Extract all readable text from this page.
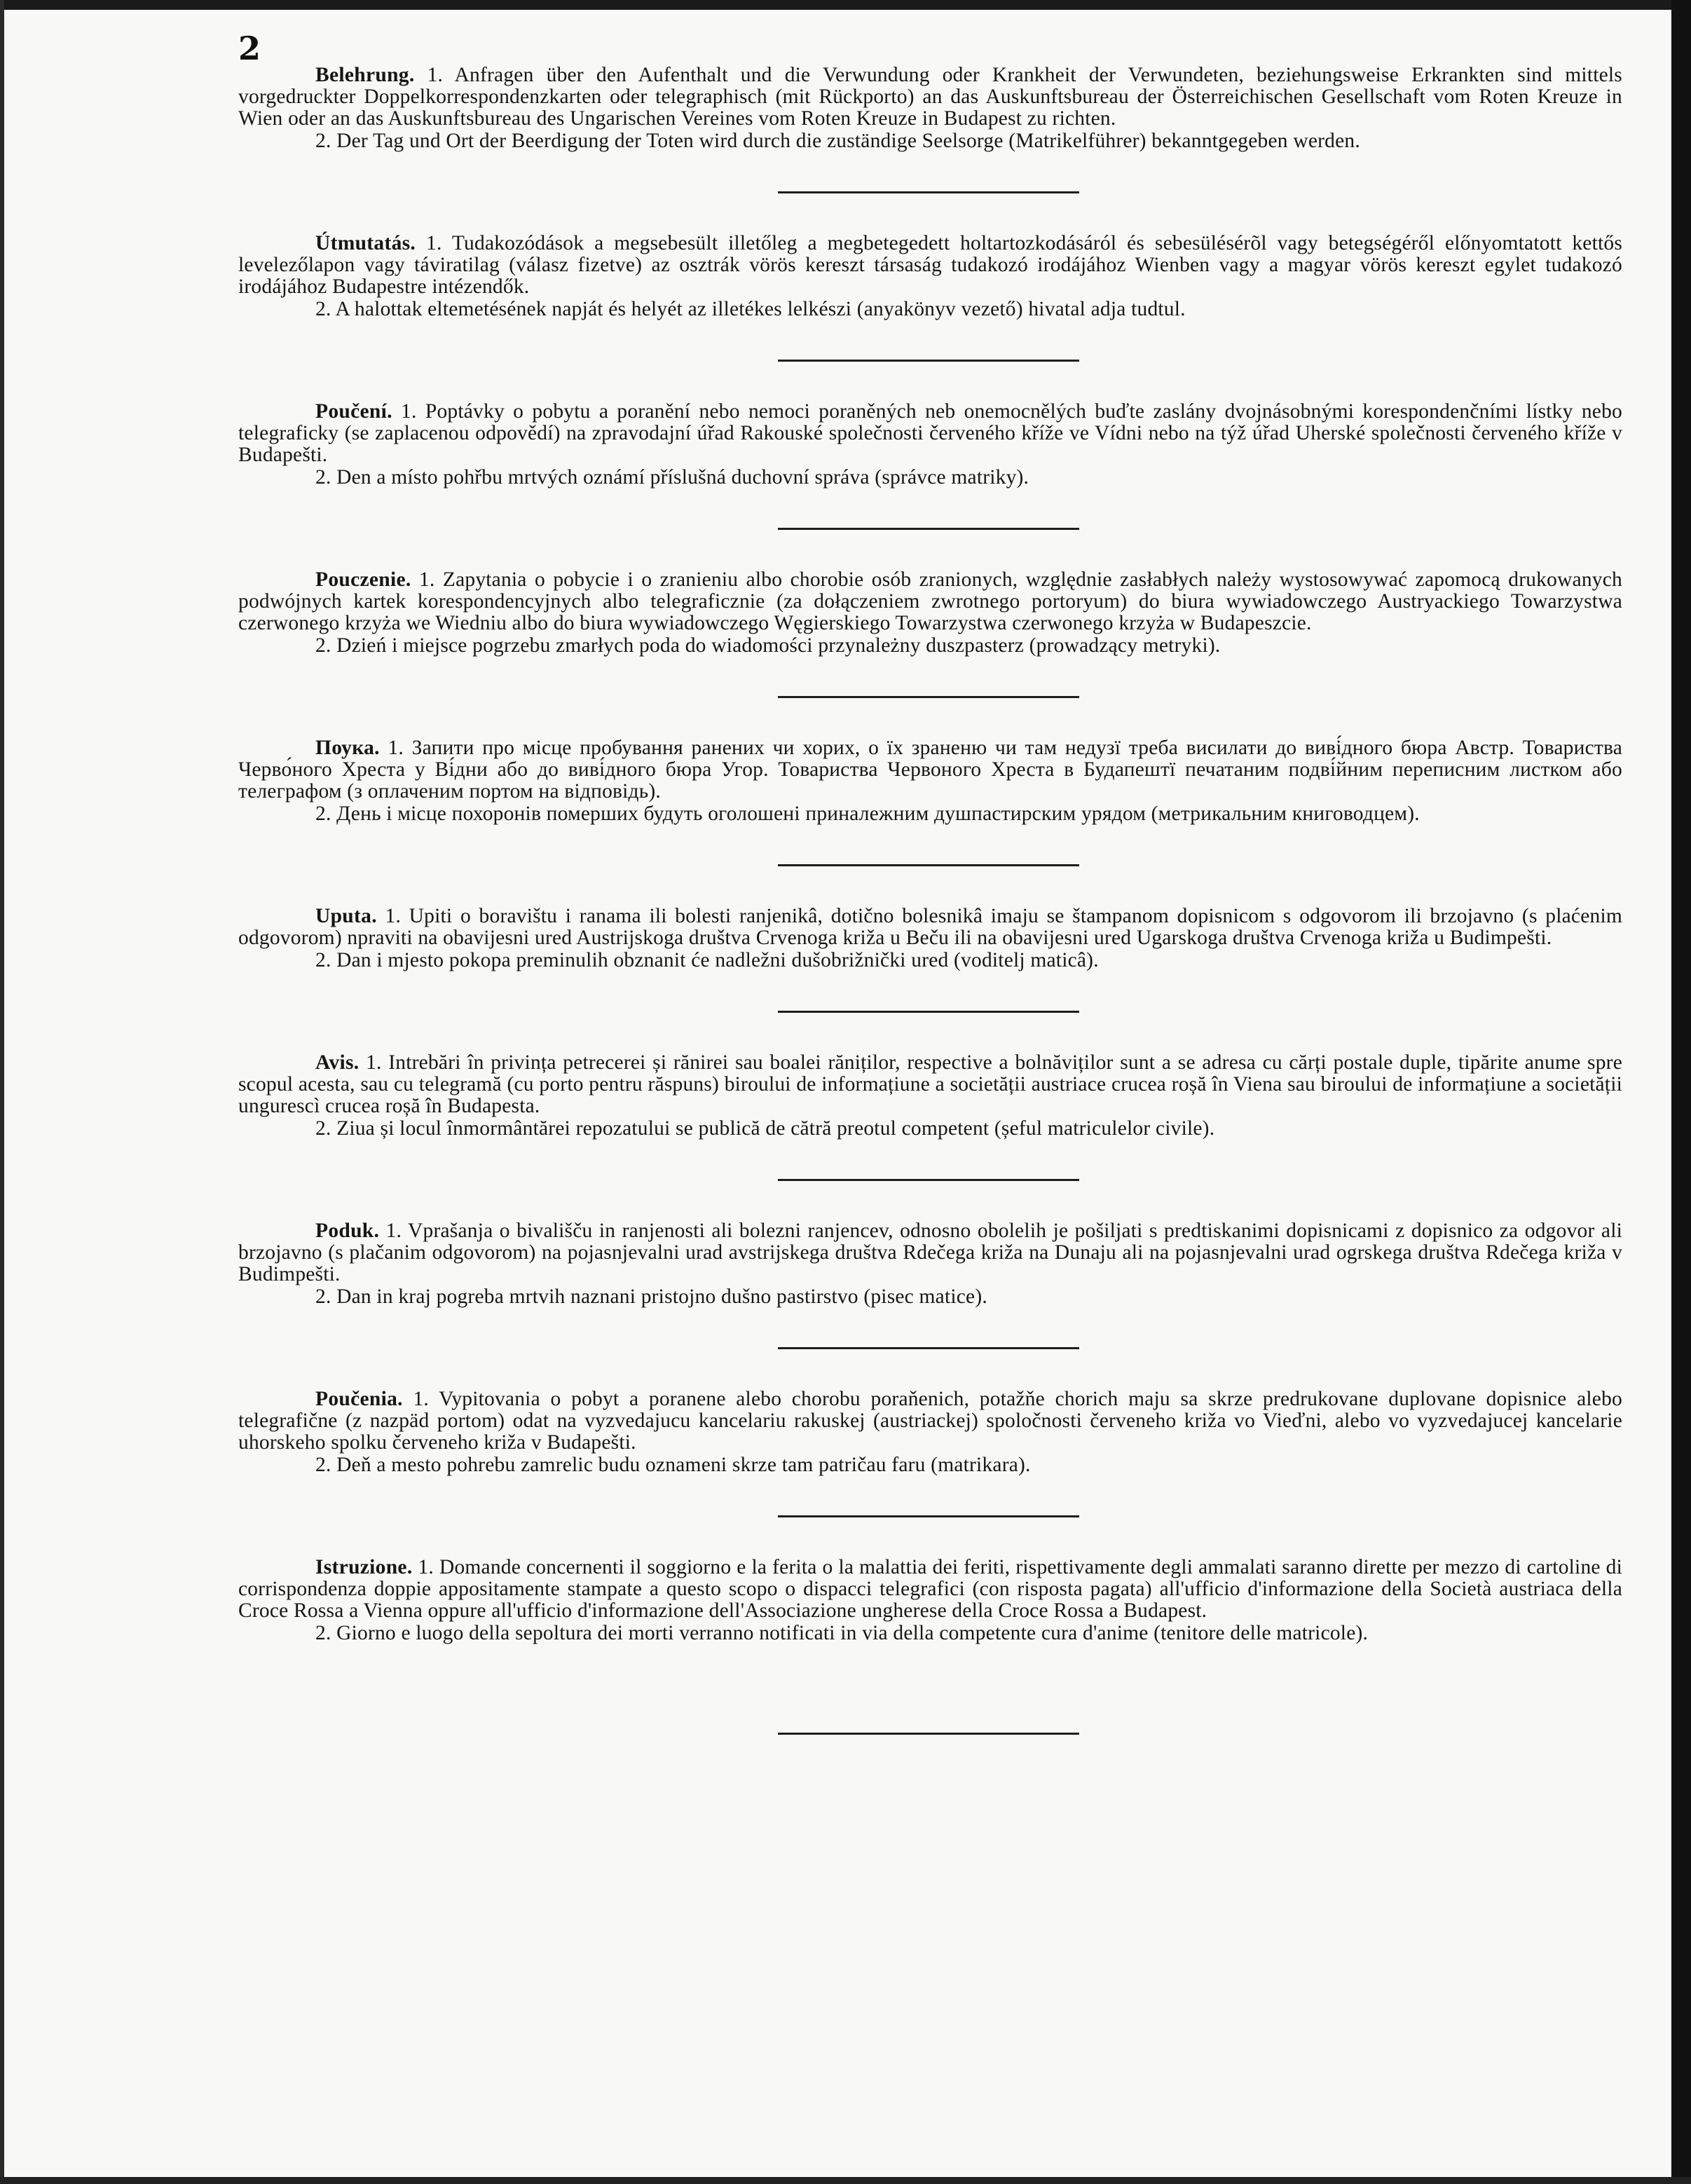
2

Belehrung. 1. Anfragen über den Aufenthalt und die Verwundung oder Krankheit der Verwundeten, beziehungsweise Erkrankten sind mittels vorgedruckter Doppelkorrespondenzkarten oder telegraphisch (mit Rückporto) an das Auskunftsbureau der Österreichischen Gesellschaft vom Roten Kreuze in Wien oder an das Auskunftsbureau des Ungarischen Vereines vom Roten Kreuze in Budapest zu richten.

2. Der Tag und Ort der Beerdigung der Toten wird durch die zuständige Seelsorge (Matrikelführer) bekanntgegeben werden.

Útmutatás. 1. Tudakozódások a megsebesült illetőleg a megbetegedett holtartozkodásáról és sebesülésérõl vagy betegségéről előnyomtatott kettős levelezőlapon vagy táviratilag (válasz fizetve) az osztrák vörös kereszt társaság tudakozó irodájához Wienben vagy a magyar vörös kereszt egylet tudakozó irodájához Budapestre intézendők.

2. A halottak eltemetésének napját és helyét az illetékes lelkészi (anyakönyv vezető) hivatal adja tudtul.

Poučení. 1. Poptávky o pobytu a poranění nebo nemoci poraněných neb onemocnělých buďte zaslány dvojnásobnými korespondenčními lístky nebo telegraficky (se zaplacenou odpovědí) na zpravodajní úřad Rakouské společnosti červeného kříže ve Vídni nebo na týž úřad Uherské společnosti červeného kříže v Budapešti.

2. Den a místo pohřbu mrtvých oznámí příslušná duchovní správa (správce matriky).

Pouczenie. 1. Zapytania o pobycie i o zranieniu albo chorobie osób zranionych, względnie zasłabłych należy wystosowywać zapomocą drukowanych podwójnych kartek korespondencyjnych albo telegraficznie (za dołączeniem zwrotnego portoryum) do biura wywiadowczego Austryackiego Towarzystwa czerwonego krzyża we Wiedniu albo do biura wywiadowczego Węgierskiego Towarzystwa czerwonego krzyża w Budapeszcie.

2. Dzień i miejsce pogrzebu zmarłych poda do wiadomości przynależny duszpasterz (prowadzący metryki).

Поука. 1. Запити про місце пробування ранених чи хорих, о їх зраненю чи там недузї треба висилати до виві́дного бюра Австр. Товариства Черво́ного Хреста у Ві́дни або до виві́дного бюра Угор. Товариства Червоного Хреста в Будапештї печатаним подві́йним переписним листком або телеграфом (з оплаченим портом на відповідь).

2. День і місце похоронів померших будуть оголошені приналежним душпастирским урядом (метрикальним книговодцем).

Uputa. 1. Upiti o boravištu i ranama ili bolesti ranjenikâ, dotično bolesnikâ imaju se štampanom dopisnicom s odgovorom ili brzojavno (s plaćenim odgovorom) npraviti na obavijesni ured Austrijskoga društva Crvenoga križa u Beču ili na obavijesni ured Ugarskoga društva Crvenoga križa u Budimpešti.

2. Dan i mjesto pokopa preminulih obznanit će nadležni dušobrižnički ured (voditelj maticâ).

Avis. 1. Intrebări în privința petrecerei și rănirei sau boalei răniților, respective a bolnăviților sunt a se adresa cu cărți postale duple, tipărite anume spre scopul acesta, sau cu telegramă (cu porto pentru răspuns) biroului de informațiune a societății austriace crucea roșă în Viena sau biroului de informațiune a societății ungurescì crucea roșă în Budapesta.

2. Ziua și locul înmormântărei repozatului se publică de cătră preotul competent (șeful matriculelor civile).

Poduk. 1. Vprašanja o bivališču in ranjenosti ali bolezni ranjencev, odnosno obolelih je pošiljati s predtiskanimi dopisnicami z dopisnico za odgovor ali brzojavno (s plačanim odgovorom) na pojasnjevalni urad avstrijskega društva Rdečega križa na Dunaju ali na pojasnjevalni urad ogrskega društva Rdečega križa v Budimpešti.

2. Dan in kraj pogreba mrtvih naznani pristojno dušno pastirstvo (pisec matice).

Poučenia. 1. Vypitovania o pobyt a poranene alebo chorobu poraňenich, potažňe chorich maju sa skrze predrukovane duplovane dopisnice alebo telegrafične (z nazpäd portom) odat na vyzvedajucu kancelariu rakuskej (austriackej) spoločnosti červeneho križa vo Vieďni, alebo vo vyzvedajucej kancelarie uhorskeho spolku červeneho križa v Budapešti.

2. Deň a mesto pohrebu zamrelic budu oznameni skrze tam patričau faru (matrikara).

Istruzione. 1. Domande concernenti il soggiorno e la ferita o la malattia dei feriti, rispettivamente degli ammalati saranno dirette per mezzo di cartoline di corrispondenza doppie appositamente stampate a questo scopo o dispacci telegrafici (con risposta pagata) all'ufficio d'informazione della Società austriaca della Croce Rossa a Vienna oppure all'ufficio d'informazione dell'Associazione ungherese della Croce Rossa a Budapest.

2. Giorno e luogo della sepoltura dei morti verranno notificati in via della competente cura d'anime (tenitore delle matricole).
